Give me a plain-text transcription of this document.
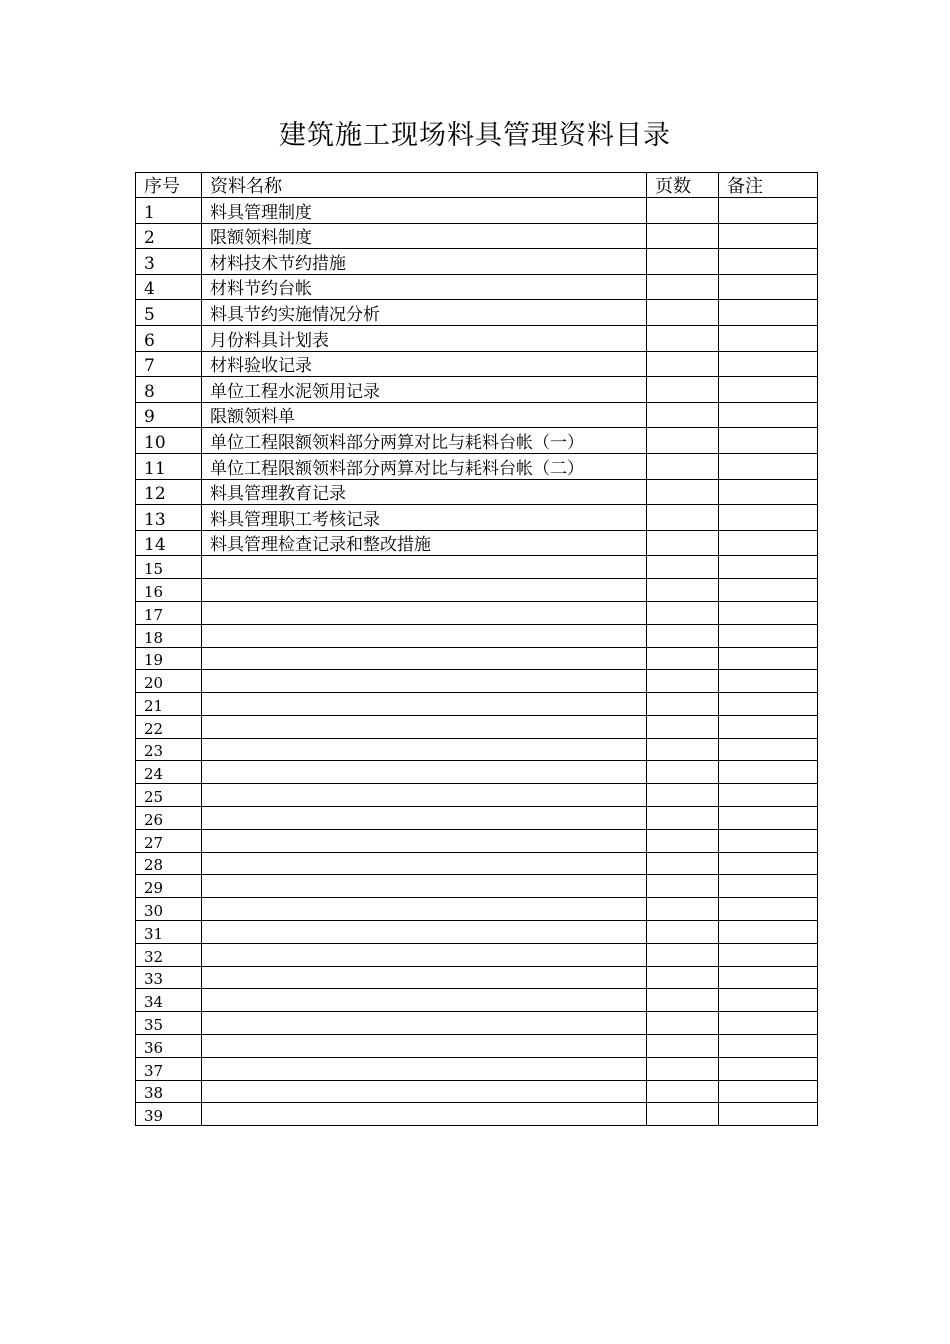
建筑施工现场料具管理资料目录
序号	资料名称	页数	备注
1	料具管理制度		
2	限额领料制度		
3	材料技术节约措施		
4	材料节约台帐		
5	料具节约实施情况分析		
6	月份料具计划表		
7	材料验收记录		
8	单位工程水泥领用记录		
9	限额领料单		
10	单位工程限额领料部分两算对比与耗料台帐（一）		
11	单位工程限额领料部分两算对比与耗料台帐（二）		
12	料具管理教育记录		
13	料具管理职工考核记录		
14	料具管理检查记录和整改措施		
15			
16			
17			
18			
19			
20			
21			
22			
23			
24			
25			
26			
27			
28			
29			
30			
31			
32			
33			
34			
35			
36			
37			
38			
39			
